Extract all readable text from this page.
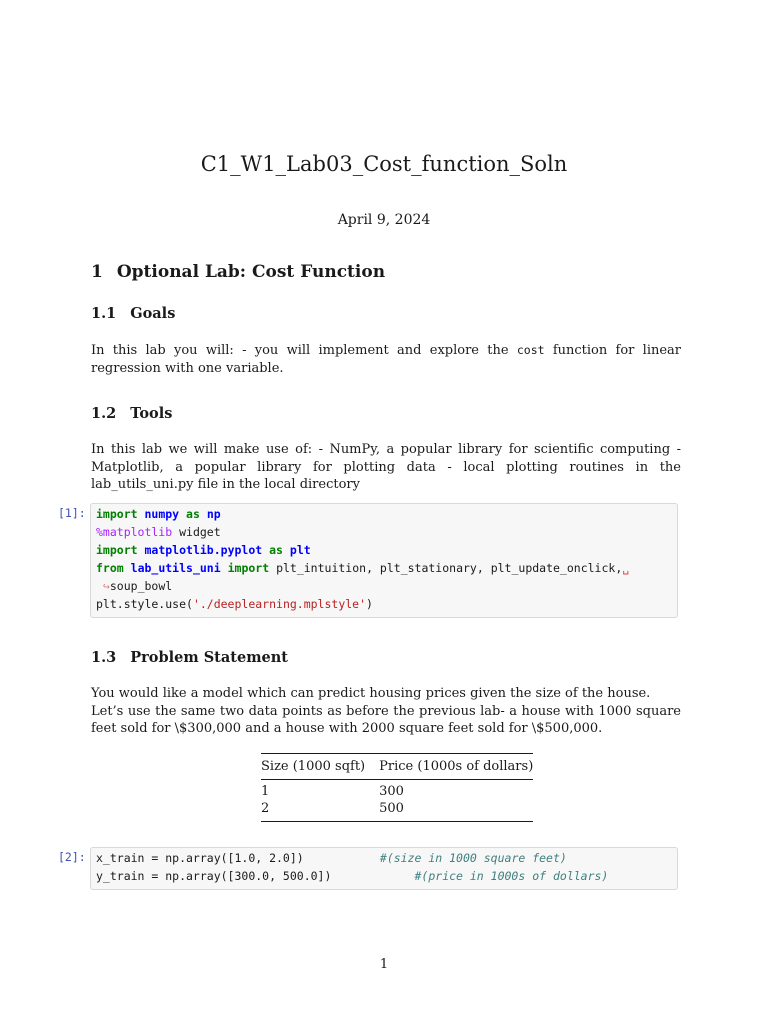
C1_W1_Lab03_Cost_function_Soln
April 9, 2024
1 Optional Lab: Cost Function
1.1 Goals
In this lab you will: - you will implement and explore the cost function for linear regression with one variable.
1.2 Tools
In this lab we will make use of: - NumPy, a popular library for scientific computing - Matplotlib, a popular library for plotting data - local plotting routines in the lab_utils_uni.py file in the local directory
[1]: import numpy as np
%matplotlib widget
import matplotlib.pyplot as plt
from lab_utils_uni import plt_intuition, plt_stationary, plt_update_onclick,␣
↪soup_bowl
plt.style.use('./deeplearning.mplstyle')
1.3 Problem Statement
You would like a model which can predict housing prices given the size of the house.
Let’s use the same two data points as before the previous lab- a house with 1000 square feet sold for \$300,000 and a house with 2000 square feet sold for \$500,000.
Size (1000 sqft)	Price (1000s of dollars)
1	300
2	500
[2]: x_train = np.array([1.0, 2.0])	#(size in 1000 square feet)
y_train = np.array([300.0, 500.0])	#(price in 1000s of dollars)
1
